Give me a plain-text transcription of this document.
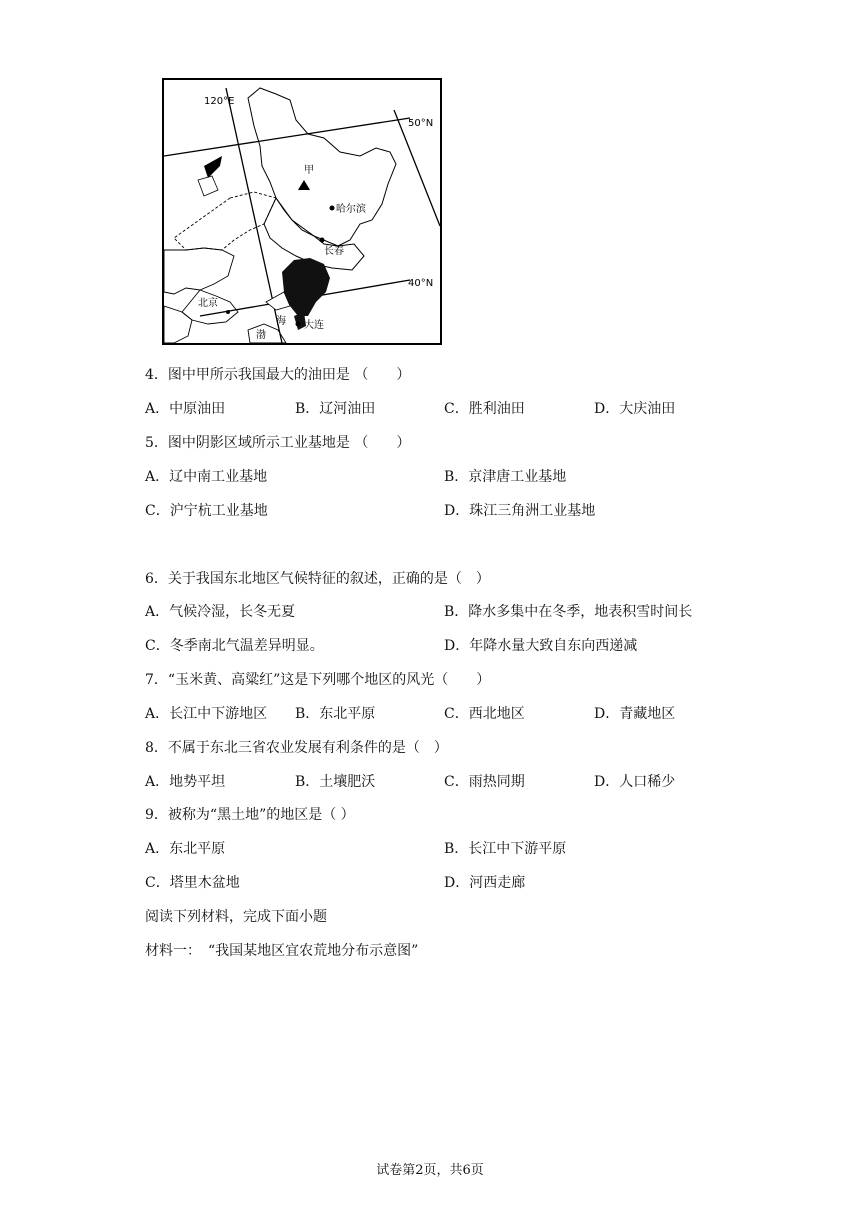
甲
哈尔滨
长春
北京
大连
海
渤
120°E
50°N
40°N
4．图中甲所示我国最大的油田是 （　　）
A．中原油田	B．辽河油田	C．胜利油田	D．大庆油田
5．图中阴影区域所示工业基地是 （　　）
A．辽中南工业基地	B．京津唐工业基地
C．沪宁杭工业基地	D．珠江三角洲工业基地
6．关于我国东北地区气候特征的叙述，正确的是（　）
A．气候冷湿，长冬无夏	B．降水多集中在冬季，地表积雪时间长
C．冬季南北气温差异明显。	D．年降水量大致自东向西递减
7．“玉米黄、高粱红”这是下列哪个地区的风光（　　）
A．长江中下游地区 B．东北平原	C．西北地区	D．青藏地区
8．不属于东北三省农业发展有利条件的是（　）
A．地势平坦	B．土壤肥沃	C．雨热同期	D．人口稀少
9．被称为“黑土地”的地区是（ ）
A．东北平原	B．长江中下游平原
C．塔里木盆地	D．河西走廊
阅读下列材料，完成下面小题
材料一：　“我国某地区宜农荒地分布示意图”
试卷第2页，共6页
